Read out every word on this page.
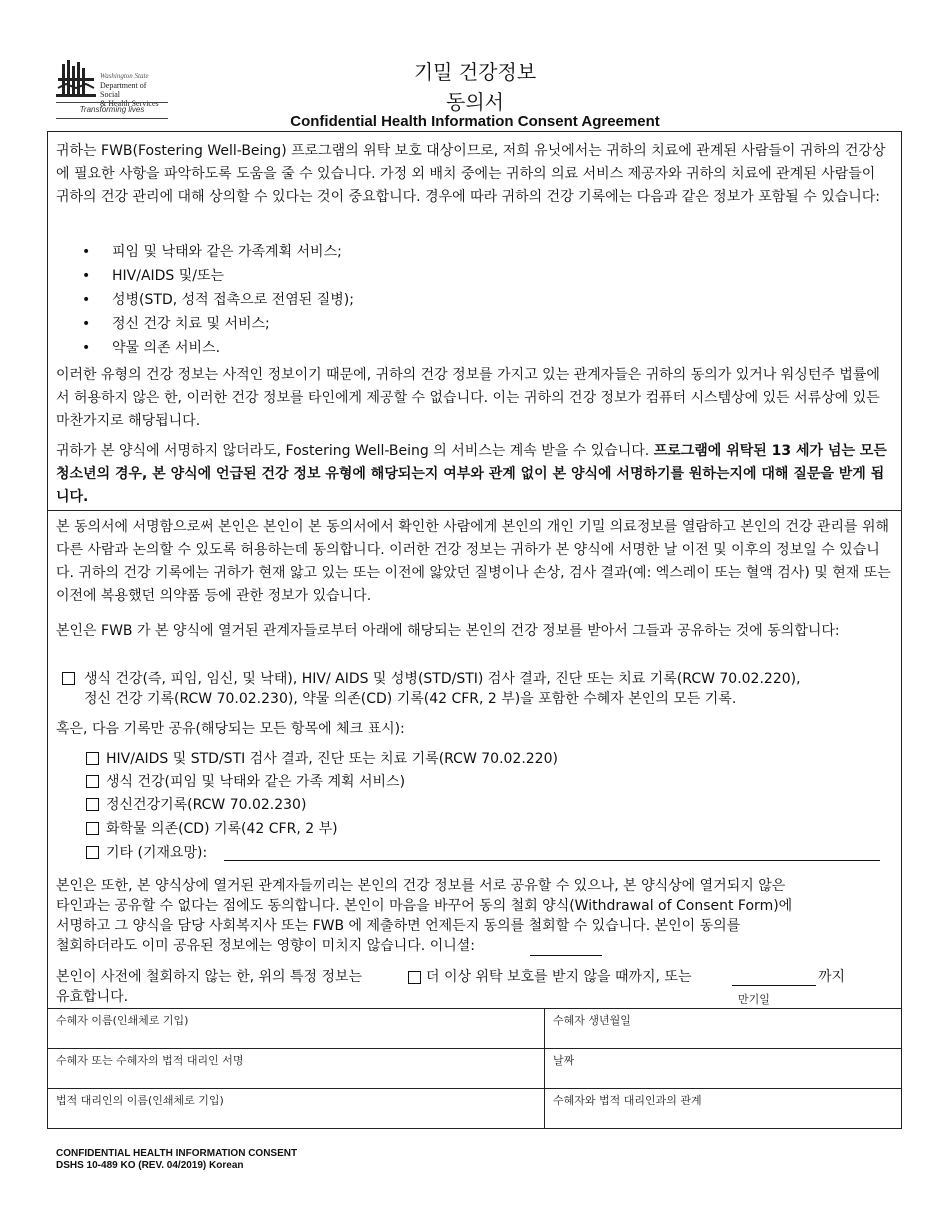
Washington State
Department of Social
& Health Services
Transforming lives
기밀 건강정보
동의서
Confidential Health Information Consent Agreement

귀하는 FWB(Fostering Well-Being) 프로그램의 위탁 보호 대상이므로, 저희 유닛에서는 귀하의 치료에 관계된 사람들이 귀하의 건강상에 필요한 사항을 파악하도록 도움을 줄 수 있습니다. 가정 외 배치 중에는 귀하의 의료 서비스 제공자와 귀하의 치료에 관계된 사람들이 귀하의 건강 관리에 대해 상의할 수 있다는 것이 중요합니다. 경우에 따라 귀하의 건강 기록에는 다음과 같은 정보가 포함될 수 있습니다:

• 피임 및 낙태와 같은 가족계획 서비스;
• HIV/AIDS 및/또는
• 성병(STD, 성적 접촉으로 전염된 질병);
• 정신 건강 치료 및 서비스;
• 약물 의존 서비스.

이러한 유형의 건강 정보는 사적인 정보이기 때문에, 귀하의 건강 정보를 가지고 있는 관계자들은 귀하의 동의가 있거나 워싱턴주 법률에서 허용하지 않은 한, 이러한 건강 정보를 타인에게 제공할 수 없습니다. 이는 귀하의 건강 정보가 컴퓨터 시스템상에 있든 서류상에 있든 마찬가지로 해당됩니다.

귀하가 본 양식에 서명하지 않더라도, Fostering Well-Being 의 서비스는 계속 받을 수 있습니다. 프로그램에 위탁된 13 세가 넘는 모든 청소년의 경우, 본 양식에 언급된 건강 정보 유형에 해당되는지 여부와 관계 없이 본 양식에 서명하기를 원하는지에 대해 질문을 받게 됩니다.

본 동의서에 서명함으로써 본인은 본인이 본 동의서에서 확인한 사람에게 본인의 개인 기밀 의료정보를 열람하고 본인의 건강 관리를 위해 다른 사람과 논의할 수 있도록 허용하는데 동의합니다. 이러한 건강 정보는 귀하가 본 양식에 서명한 날 이전 및 이후의 정보일 수 있습니다. 귀하의 건강 기록에는 귀하가 현재 앓고 있는 또는 이전에 앓았던 질병이나 손상, 검사 결과(예: 엑스레이 또는 혈액 검사) 및 현재 또는 이전에 복용했던 의약품 등에 관한 정보가 있습니다.

본인은 FWB 가 본 양식에 열거된 관계자들로부터 아래에 해당되는 본인의 건강 정보를 받아서 그들과 공유하는 것에 동의합니다:

생식 건강(즉, 피임, 임신, 및 낙태), HIV/ AIDS 및 성병(STD/STI) 검사 결과, 진단 또는 치료 기록(RCW 70.02.220),
정신 건강 기록(RCW 70.02.230), 약물 의존(CD) 기록(42 CFR, 2 부)을 포함한 수혜자 본인의 모든 기록.
혹은, 다음 기록만 공유(해당되는 모든 항목에 체크 표시):
HIV/AIDS 및 STD/STI 검사 결과, 진단 또는 치료 기록(RCW 70.02.220)
생식 건강(피임 및 낙태와 같은 가족 계획 서비스)
정신건강기록(RCW 70.02.230)
화학물 의존(CD) 기록(42 CFR, 2 부)
기타 (기재요망):
본인은 또한, 본 양식상에 열거된 관계자들끼리는 본인의 건강 정보를 서로 공유할 수 있으나, 본 양식상에 열거되지 않은
타인과는 공유할 수 없다는 점에도 동의합니다. 본인이 마음을 바꾸어 동의 철회 양식(Withdrawal of Consent Form)에
서명하고 그 양식을 담당 사회복지사 또는 FWB 에 제출하면 언제든지 동의를 철회할 수 있습니다. 본인이 동의를
철회하더라도 이미 공유된 정보에는 영향이 미치지 않습니다. 이니셜:
본인이 사전에 철회하지 않는 한, 위의 특정 정보는	더 이상 위탁 보호를 받지 않을 때까지, 또는	까지
유효합니다.	만기일
수혜자 이름(인쇄체로 기입)	수혜자 생년월일
수혜자 또는 수혜자의 법적 대리인 서명	날짜
법적 대리인의 이름(인쇄체로 기입)	수혜자와 법적 대리인과의 관계
CONFIDENTIAL HEALTH INFORMATION CONSENT
DSHS 10-489 KO (REV. 04/2019) Korean
